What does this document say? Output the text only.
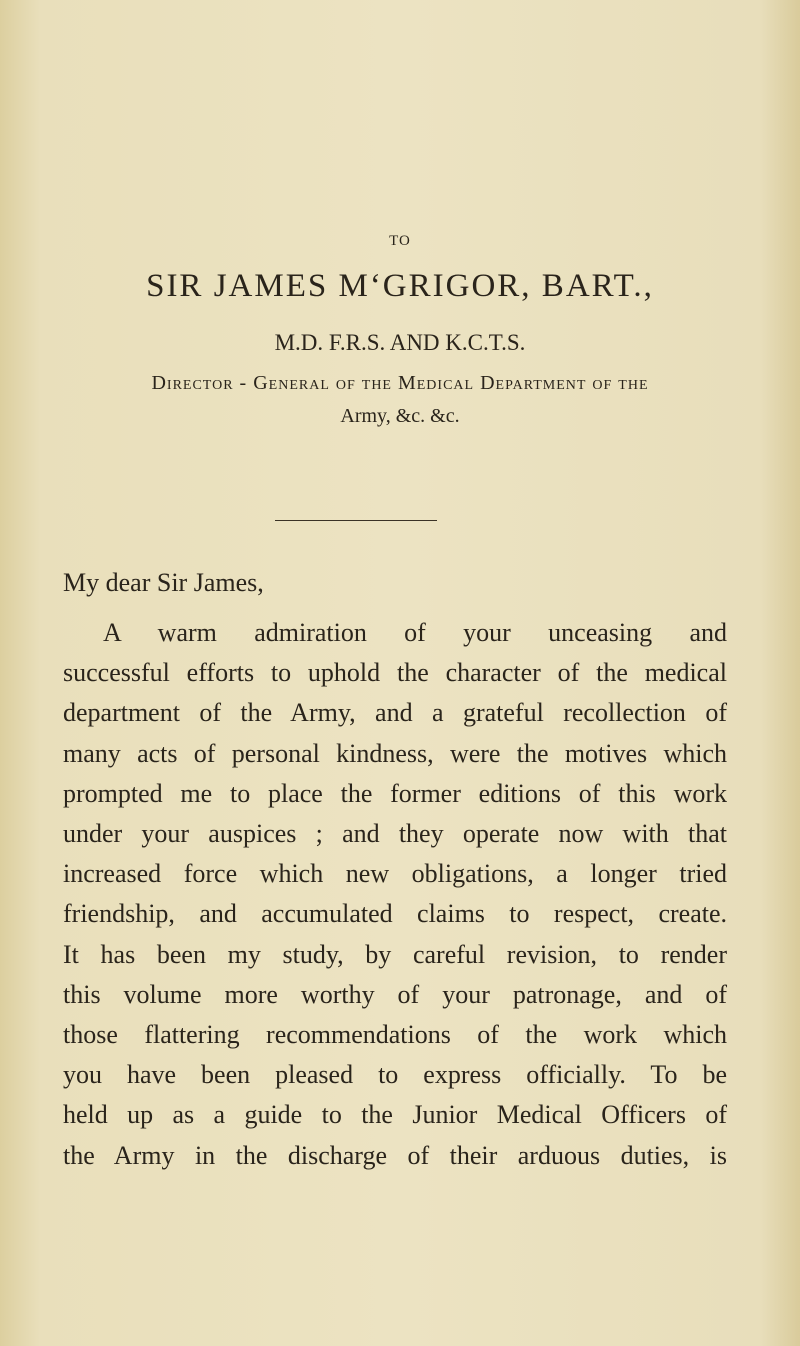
TO
SIR JAMES M‘GRIGOR, BART.,
M.D. F.R.S. AND K.C.T.S.
Director - General of the Medical Department of the
Army, &c. &c.
My dear Sir James,
A warm admiration of your unceasing and
successful efforts to uphold the character of the medical
department of the Army, and a grateful recollection of
many acts of personal kindness, were the motives which
prompted me to place the former editions of this work
under your auspices ; and they operate now with that
increased force which new obligations, a longer tried
friendship, and accumulated claims to respect, create.
It has been my study, by careful revision, to render
this volume more worthy of your patronage, and of
those flattering recommendations of the work which
you have been pleased to express officially. To be
held up as a guide to the Junior Medical Officers of
the Army in the discharge of their arduous duties, is
